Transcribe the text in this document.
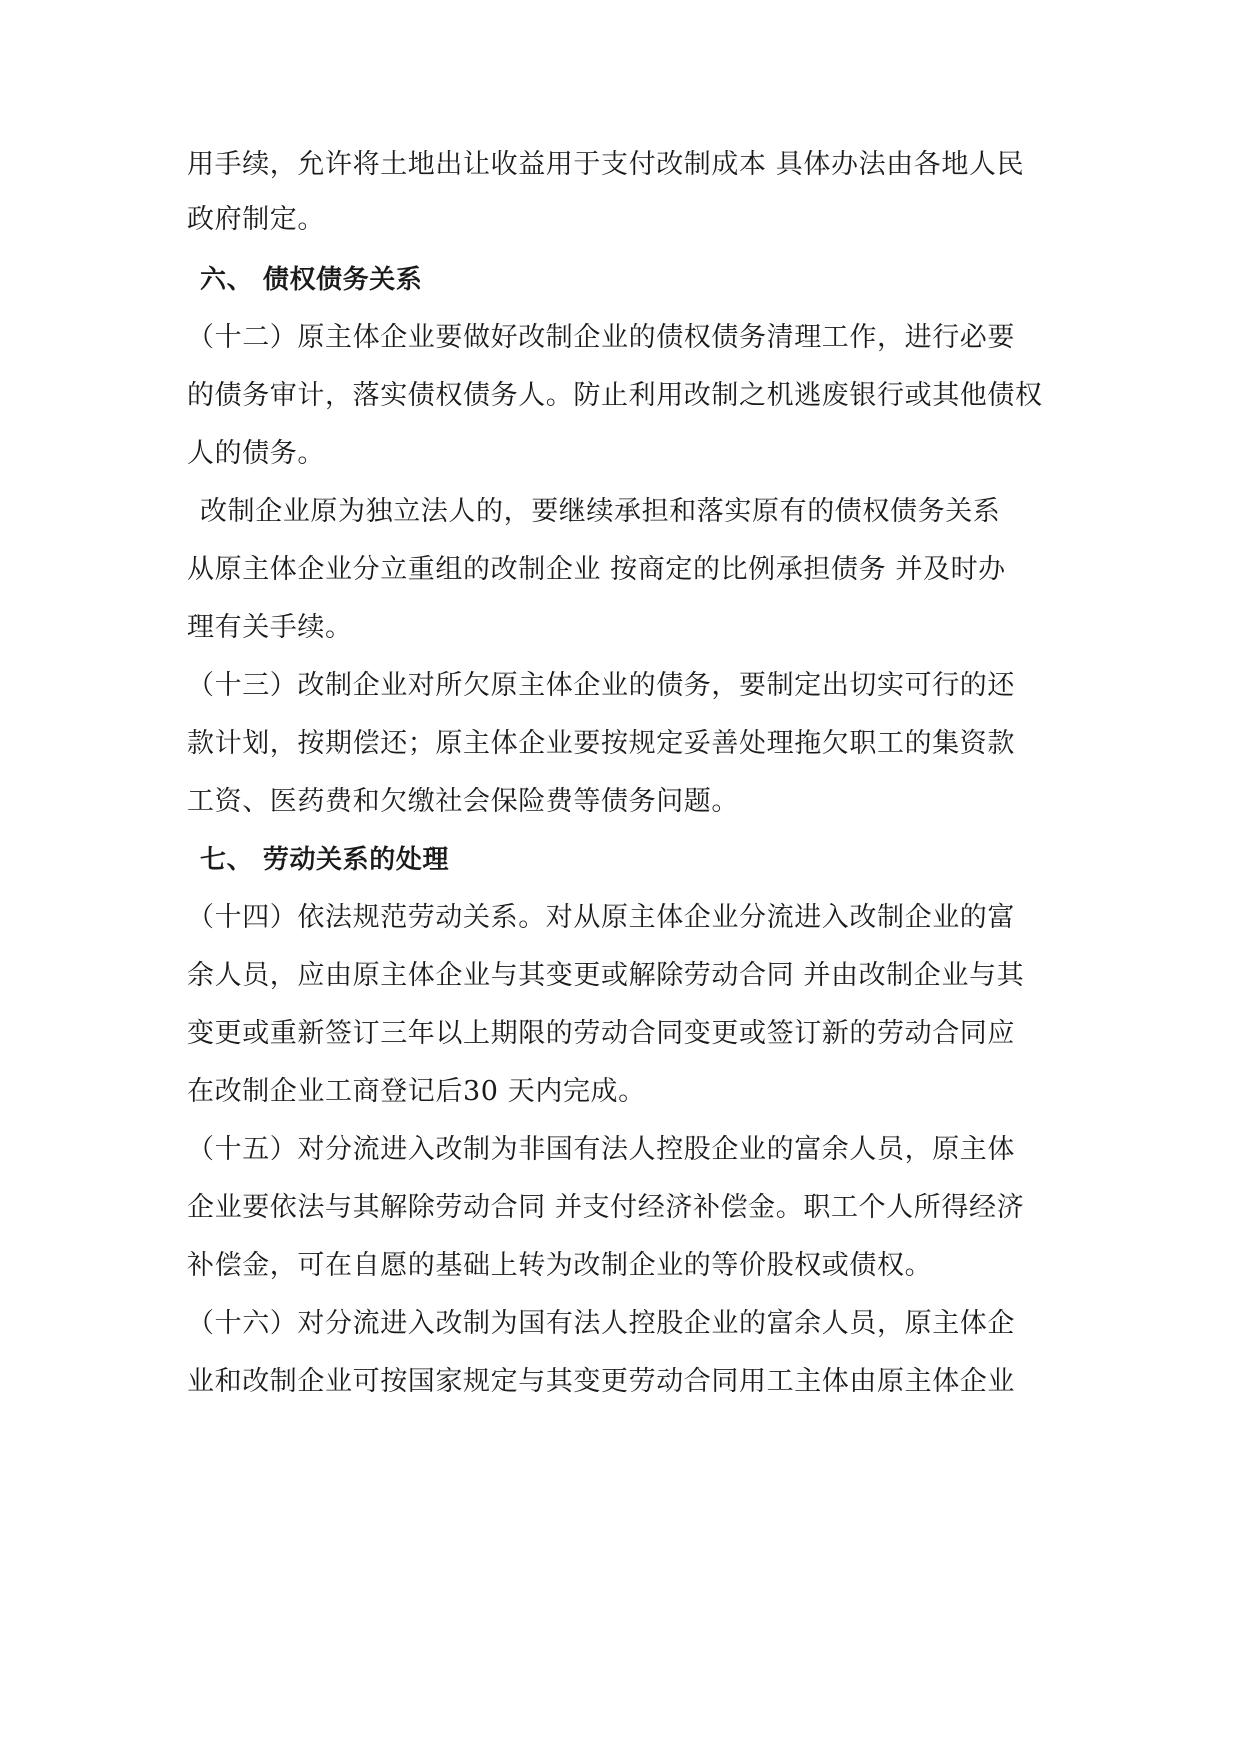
用手续，允许将土地出让收益用于支付改制成本 具体办法由各地人民
政府制定。
六、 债权债务关系
（十二）原主体企业要做好改制企业的债权债务清理工作，进行必要
的债务审计，落实债权债务人。防止利用改制之机逃废银行或其他债权
人的债务。
改制企业原为独立法人的，要继续承担和落实原有的债权债务关系
从原主体企业分立重组的改制企业 按商定的比例承担债务 并及时办
理有关手续。
（十三）改制企业对所欠原主体企业的债务，要制定出切实可行的还
款计划，按期偿还；原主体企业要按规定妥善处理拖欠职工的集资款
工资、医药费和欠缴社会保险费等债务问题。
七、 劳动关系的处理
（十四）依法规范劳动关系。对从原主体企业分流进入改制企业的富
余人员，应由原主体企业与其变更或解除劳动合同 并由改制企业与其
变更或重新签订三年以上期限的劳动合同变更或签订新的劳动合同应
在改制企业工商登记后30 天内完成。
（十五）对分流进入改制为非国有法人控股企业的富余人员，原主体
企业要依法与其解除劳动合同 并支付经济补偿金。职工个人所得经济
补偿金，可在自愿的基础上转为改制企业的等价股权或债权。
（十六）对分流进入改制为国有法人控股企业的富余人员，原主体企
业和改制企业可按国家规定与其变更劳动合同用工主体由原主体企业
